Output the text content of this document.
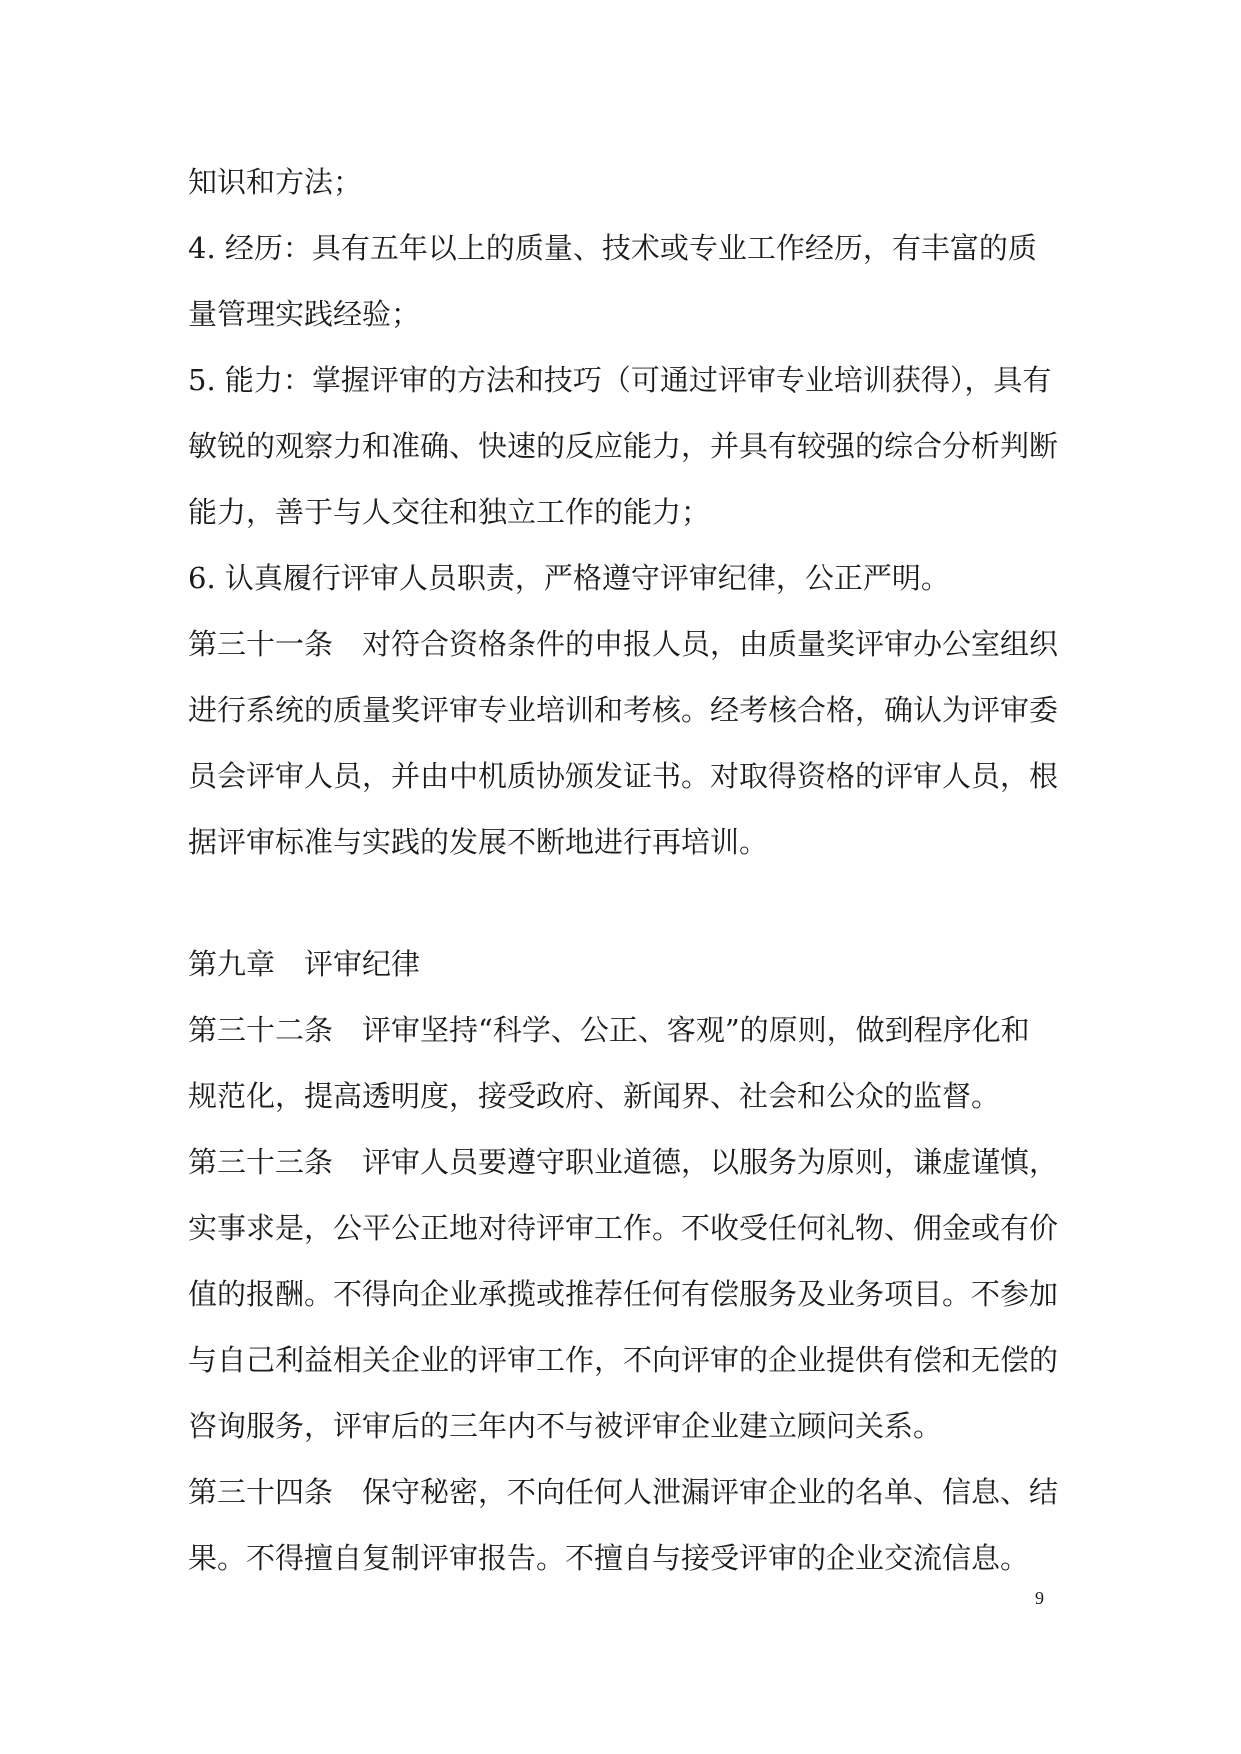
知识和方法；
4. 经历：具有五年以上的质量、技术或专业工作经历，有丰富的质
量管理实践经验；
5. 能力：掌握评审的方法和技巧（可通过评审专业培训获得），具有
敏锐的观察力和准确、快速的反应能力，并具有较强的综合分析判断
能力，善于与人交往和独立工作的能力；
6. 认真履行评审人员职责，严格遵守评审纪律，公正严明。
第三十一条　对符合资格条件的申报人员，由质量奖评审办公室组织
进行系统的质量奖评审专业培训和考核。经考核合格，确认为评审委
员会评审人员，并由中机质协颁发证书。对取得资格的评审人员，根
据评审标准与实践的发展不断地进行再培训。
第九章　评审纪律
第三十二条　评审坚持“科学、公正、客观”的原则，做到程序化和
规范化，提高透明度，接受政府、新闻界、社会和公众的监督。
第三十三条　评审人员要遵守职业道德，以服务为原则，谦虚谨慎，
实事求是，公平公正地对待评审工作。不收受任何礼物、佣金或有价
值的报酬。不得向企业承揽或推荐任何有偿服务及业务项目。不参加
与自己利益相关企业的评审工作，不向评审的企业提供有偿和无偿的
咨询服务，评审后的三年内不与被评审企业建立顾问关系。
第三十四条　保守秘密，不向任何人泄漏评审企业的名单、信息、结
果。不得擅自复制评审报告。不擅自与接受评审的企业交流信息。
9
